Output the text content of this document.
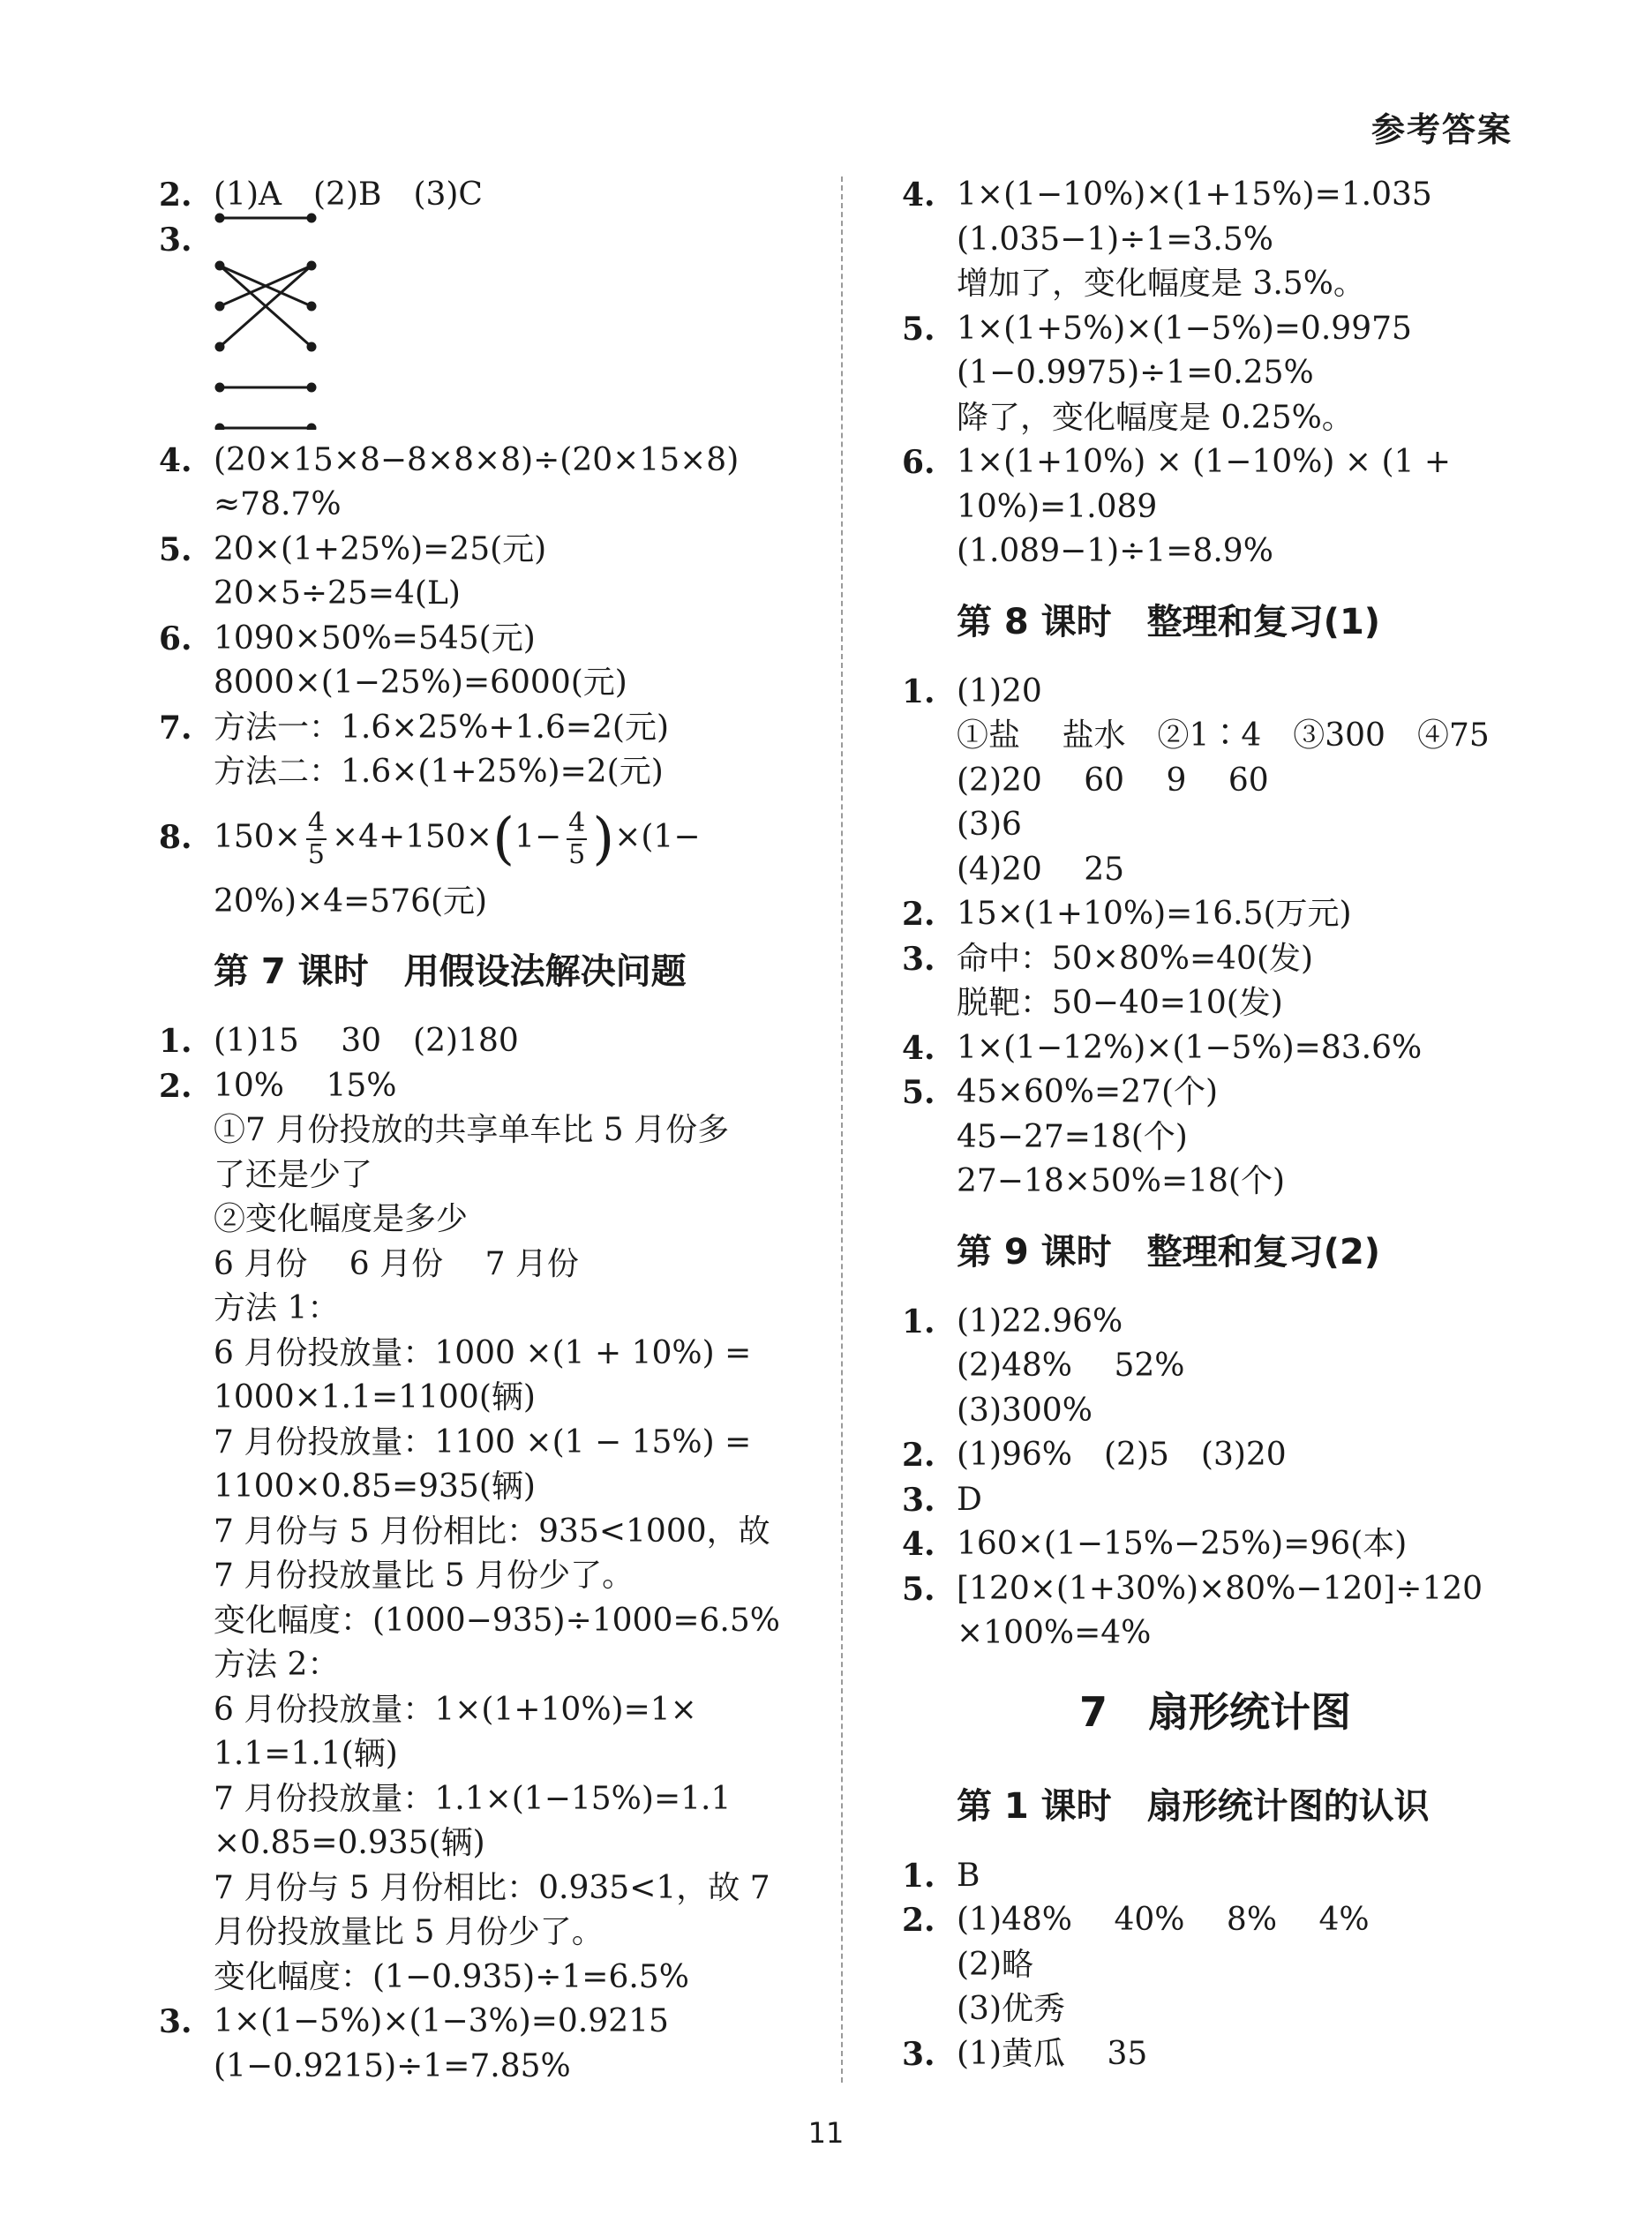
参考答案
2. (1)A　(2)B　(3)C
3.
4. (20×15×8−8×8×8)÷(20×15×8)
≈78.7%
5. 20×(1+25%)=25(元)
20×5÷25=4(L)
6. 1090×50%=545(元)
8000×(1−25%)=6000(元)
7. 方法一：1.6×25%+1.6=2(元)
方法二：1.6×(1+25%)=2(元)
8. $150\times \frac{4}{5} \times 4+150\times(1- \frac{4}{5} )\times(1-$
20%)×4=576(元)
第 7 课时　用假设法解决问题
1. (1)15　 30　(2)180
2. 10%　 15%
①7 月份投放的共享单车比 5 月份多
了还是少了
②变化幅度是多少
6 月份　 6 月份　 7 月份
方法 1：
6 月份投放量：1000 ×(1 + 10%) =
1000×1.1=1100(辆)
7 月份投放量：1100 ×(1 − 15%) =
1100×0.85=935(辆)
7 月份与 5 月份相比：935<1000，故
7 月份投放量比 5 月份少了。
变化幅度：(1000−935)÷1000=6.5%
方法 2：
6 月份投放量：1×(1+10%)=1×
1.1=1.1(辆)
7 月份投放量：1.1×(1−15%)=1.1
×0.85=0.935(辆)
7 月份与 5 月份相比：0.935<1，故 7
月份投放量比 5 月份少了。
变化幅度：(1−0.935)÷1=6.5%
3. 1×(1−5%)×(1−3%)=0.9215
(1−0.9215)÷1=7.85%
4. 1×(1−10%)×(1+15%)=1.035
(1.035−1)÷1=3.5%
增加了，变化幅度是 3.5%。
5. 1×(1+5%)×(1−5%)=0.9975
(1−0.9975)÷1=0.25%
降了，变化幅度是 0.25%。
6. 1×(1+10%) × (1−10%) × (1 +
10%)=1.089
(1.089−1)÷1=8.9%
第 8 课时　整理和复习(1)
1. (1)20
①盐　 盐水　②1∶4　③300　④75
(2)20　 60　 9　 60
(3)6
(4)20　 25
2. 15×(1+10%)=16.5(万元)
3. 命中：50×80%=40(发)
脱靶：50−40=10(发)
4. 1×(1−12%)×(1−5%)=83.6%
5. 45×60%=27(个)
45−27=18(个)
27−18×50%=18(个)
第 9 课时　整理和复习(2)
1. (1)22.96%
(2)48%　 52%
(3)300%
2. (1)96%　(2)5　(3)20
3. D
4. 160×(1−15%−25%)=96(本)
5. [120×(1+30%)×80%−120]÷120
×100%=4%
7　扇形统计图
第 1 课时　扇形统计图的认识
1. B
2. (1)48%　 40%　 8%　 4%
(2)略
(3)优秀
3. (1)黄瓜　 35
11
